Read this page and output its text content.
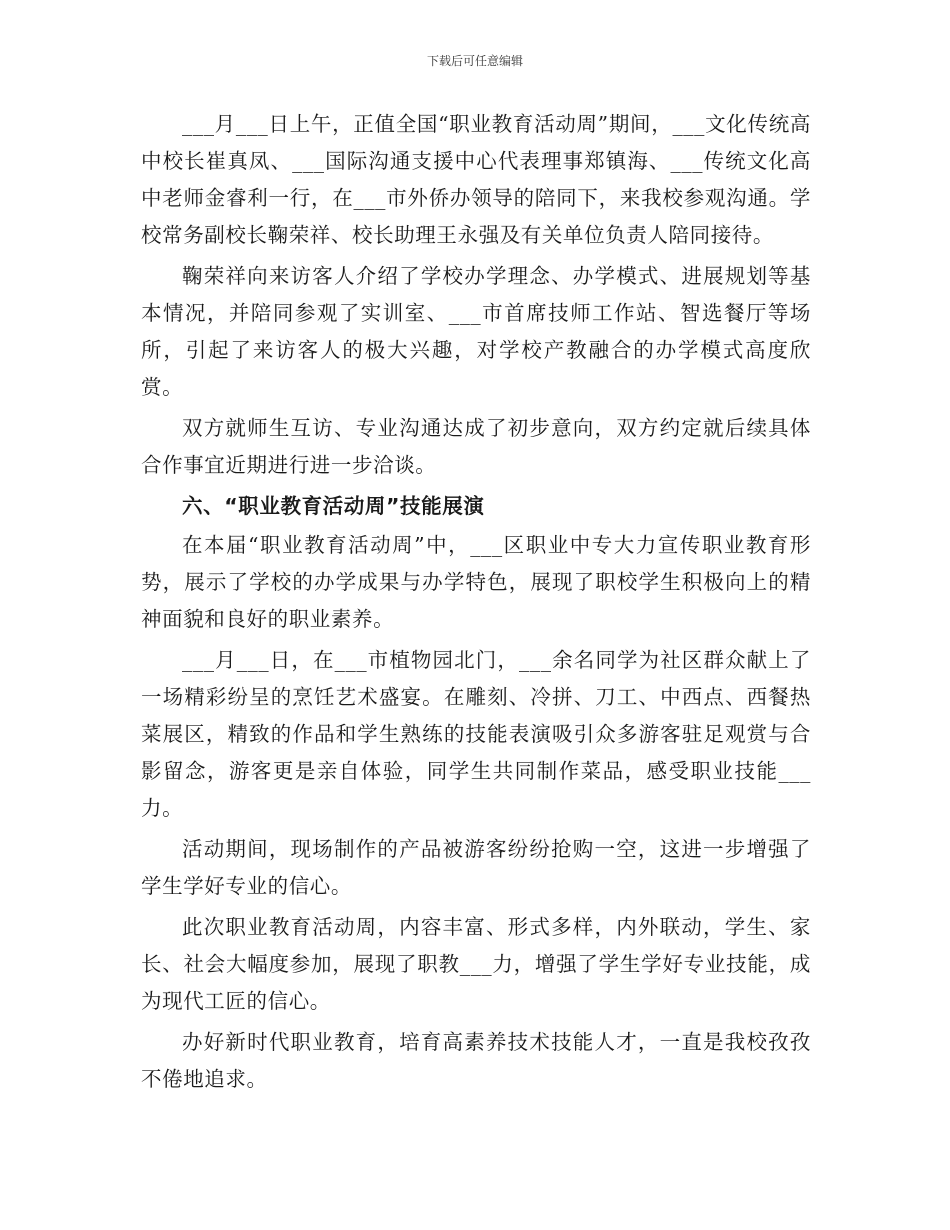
下载后可任意编辑

___月___日上午，正值全国“职业教育活动周”期间，___文化传统高中校长崔真凤、___国际沟通支援中心代表理事郑镇海、___传统文化高中老师金睿利一行，在___市外侨办领导的陪同下，来我校参观沟通。学校常务副校长鞠荣祥、校长助理王永强及有关单位负责人陪同接待。

鞠荣祥向来访客人介绍了学校办学理念、办学模式、进展规划等基本情况，并陪同参观了实训室、___市首席技师工作站、智选餐厅等场所，引起了来访客人的极大兴趣，对学校产教融合的办学模式高度欣赏。

双方就师生互访、专业沟通达成了初步意向，双方约定就后续具体合作事宜近期进行进一步洽谈。

六、“职业教育活动周”技能展演

在本届“职业教育活动周”中，___区职业中专大力宣传职业教育形势，展示了学校的办学成果与办学特色，展现了职校学生积极向上的精神面貌和良好的职业素养。

___月___日，在___市植物园北门，___余名同学为社区群众献上了一场精彩纷呈的烹饪艺术盛宴。在雕刻、冷拼、刀工、中西点、西餐热菜展区，精致的作品和学生熟练的技能表演吸引众多游客驻足观赏与合影留念，游客更是亲自体验，同学生共同制作菜品，感受职业技能___力。

活动期间，现场制作的产品被游客纷纷抢购一空，这进一步增强了学生学好专业的信心。

此次职业教育活动周，内容丰富、形式多样，内外联动，学生、家长、社会大幅度参加，展现了职教___力，增强了学生学好专业技能，成为现代工匠的信心。

办好新时代职业教育，培育高素养技术技能人才，一直是我校孜孜不倦地追求。
